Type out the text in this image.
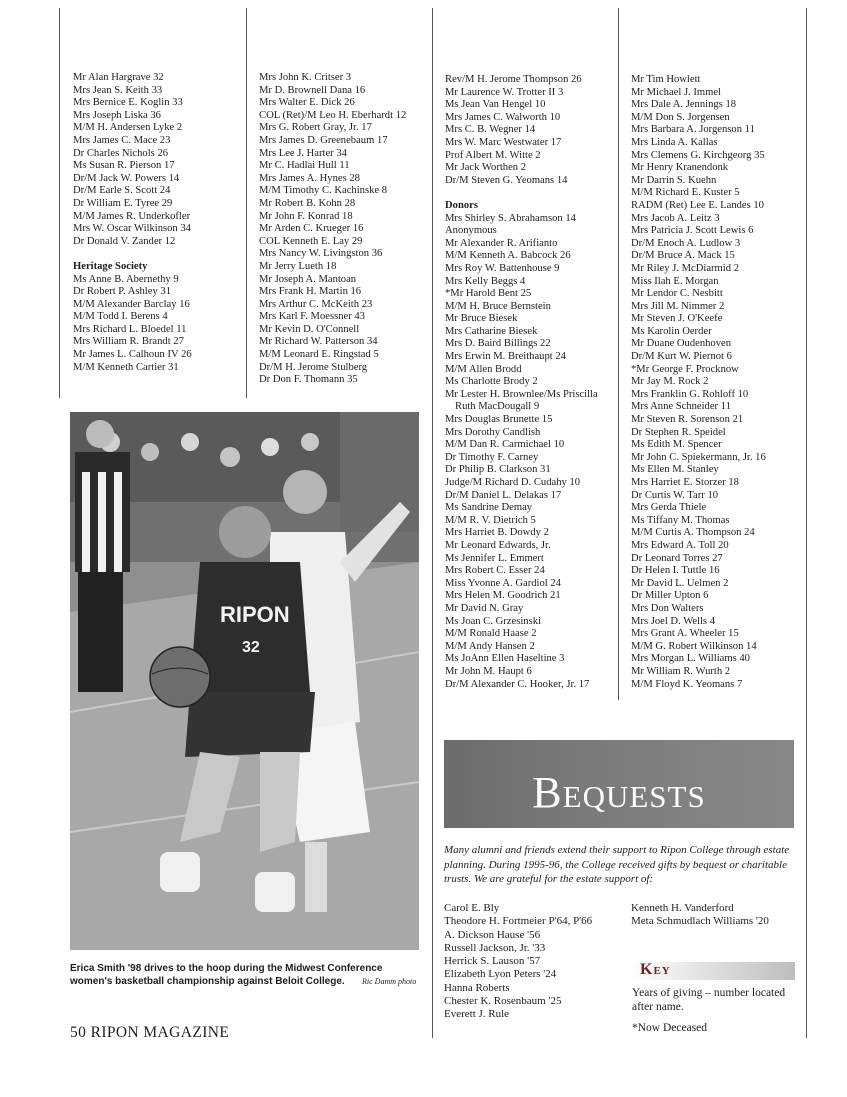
Mr Alan Hargrave 32
Mrs Jean S. Keith 33
Mrs Bernice E. Koglin 33
Mrs Joseph Liska 36
M/M H. Andersen Lyke 2
Mrs James C. Mace 23
Dr Charles Nichols 26
Ms Susan R. Pierson 17
Dr/M Jack W. Powers 14
Dr/M Earle S. Scott 24
Dr William E. Tyree 29
M/M James R. Underkofler
Mrs W. Oscar Wilkinson 34
Dr Donald V. Zander 12
Heritage Society
Ms Anne B. Abernethy 9
Dr Robert P. Ashley 31
M/M Alexander Barclay 16
M/M Todd I. Berens 4
Mrs Richard L. Bloedel 11
Mrs William R. Brandt 27
Mr James L. Calhoun IV 26
M/M Kenneth Cartier 31
Mrs John K. Critser 3
Mr D. Brownell Dana 16
Mrs Walter E. Dick 26
COL (Ret)/M Leo H. Eberhardt 12
Mrs G. Robert Gray, Jr. 17
Mrs James D. Greenebaum 17
Mrs Lee J. Harter 34
Mr C. Hadlai Hull 11
Mrs James A. Hynes 28
M/M Timothy C. Kachinske 8
Mr Robert B. Kohn 28
Mr John F. Konrad 18
Mr Arden C. Krueger 16
COL Kenneth E. Lay 29
Mrs Nancy W. Livingston 36
Mr Jerry Lueth 18
Mr Joseph A. Mantoan
Mrs Frank H. Martin 16
Mrs Arthur C. McKeith 23
Mrs Karl F. Moessner 43
Mr Kevin D. O'Connell
Mr Richard W. Patterson 34
M/M Leonard E. Ringstad 5
Dr/M H. Jerome Stulberg
Dr Don F. Thomann 35
Rev/M H. Jerome Thompson 26
Mr Laurence W. Trotter II 3
Ms Jean Van Hengel 10
Mrs James C. Walworth 10
Mrs C. B. Wegner 14
Mrs W. Marc Westwater 17
Prof Albert M. Witte 2
Mr Jack Worthen 2
Dr/M Steven G. Yeomans 14
Donors
Mrs Shirley S. Abrahamson 14
Anonymous
Mr Alexander R. Arifianto
M/M Kenneth A. Babcock 26
Mrs Roy W. Battenhouse 9
Mrs Kelly Beggs 4
*Mr Harold Bent 25
M/M H. Bruce Bernstein
Mr Bruce Biesek
Mrs Catharine Biesek
Mrs D. Baird Billings 22
Mrs Erwin M. Breithaupt 24
M/M Allen Brodd
Ms Charlotte Brody 2
Mr Lester H. Brownlee/Ms Priscilla
Ruth MacDougall 9
Mrs Douglas Brunette 15
Mrs Dorothy Candlish
M/M Dan R. Carmichael 10
Dr Timothy F. Carney
Dr Philip B. Clarkson 31
Judge/M Richard D. Cudahy 10
Dr/M Daniel L. Delakas 17
Ms Sandrine Demay
M/M R. V. Dietrich 5
Mrs Harriet B. Dowdy 2
Mr Leonard Edwards, Jr.
Ms Jennifer L. Emmert
Mrs Robert C. Esser 24
Miss Yvonne A. Gardiol 24
Mrs Helen M. Goodrich 21
Mr David N. Gray
Ms Joan C. Grzesinski
M/M Ronald Haase 2
M/M Andy Hansen 2
Ms JoAnn Ellen Haseltine 3
Mr John M. Haupt 6
Dr/M Alexander C. Hooker, Jr. 17
Mr Tim Howlett
Mr Michael J. Immel
Mrs Dale A. Jennings 18
M/M Don S. Jorgensen
Mrs Barbara A. Jorgenson 11
Mrs Linda A. Kallas
Mrs Clemens G. Kirchgeorg 35
Mr Henry Kranendonk
Mr Darrin S. Kuehn
M/M Richard E. Kuster 5
RADM (Ret) Lee E. Landes 10
Mrs Jacob A. Leitz 3
Mrs Patricia J. Scott Lewis 6
Dr/M Enoch A. Ludlow 3
Dr/M Bruce A. Mack 15
Mr Riley J. McDiarmid 2
Miss Ilah E. Morgan
Mr Lendor C. Nesbitt
Mrs Jill M. Nimmer 2
Mr Steven J. O'Keefe
Ms Karolin Oerder
Mr Duane Oudenhoven
Dr/M Kurt W. Piernot 6
*Mr George F. Procknow
Mr Jay M. Rock 2
Mrs Franklin G. Rohloff 10
Mrs Anne Schneider 11
Mr Steven R. Sorenson 21
Dr Stephen R. Speidel
Ms Edith M. Spencer
Mr John C. Spiekermann, Jr. 16
Ms Ellen M. Stanley
Mrs Harriet E. Storzer 18
Dr Curtis W. Tarr 10
Mrs Gerda Thiele
Ms Tiffany M. Thomas
M/M Curtis A. Thompson 24
Mrs Edward A. Toll 20
Dr Leonard Torres 27
Dr Helen I. Tuttle 16
Mr David L. Uelmen 2
Dr Miller Upton 6
Mrs Don Walters
Mrs Joel D. Wells 4
Mrs Grant A. Wheeler 15
M/M G. Robert Wilkinson 14
Mrs Morgan L. Williams 40
Mr William R. Wurth 2
M/M Floyd K. Yeomans 7
RIPON
32
Erica Smith '98 drives to the hoop during the Midwest Conference women's basketball championship against Beloit College.	Ric Damm photo
50 RIPON MAGAZINE
Bequests
Many alumni and friends extend their support to Ripon College through estate planning. During 1995-96, the College received gifts by bequest or charitable trusts. We are grateful for the estate support of:
Carol E. Bly
Theodore H. Fortmeier P'64, P'66
A. Dickson Hause '56
Russell Jackson, Jr. '33
Herrick S. Lauson '57
Elizabeth Lyon Peters '24
Hanna Roberts
Chester K. Rosenbaum '25
Everett J. Rule
Kenneth H. Vanderford
Meta Schmudlach Williams '20
Key
Years of giving – number located after name.
*Now Deceased
